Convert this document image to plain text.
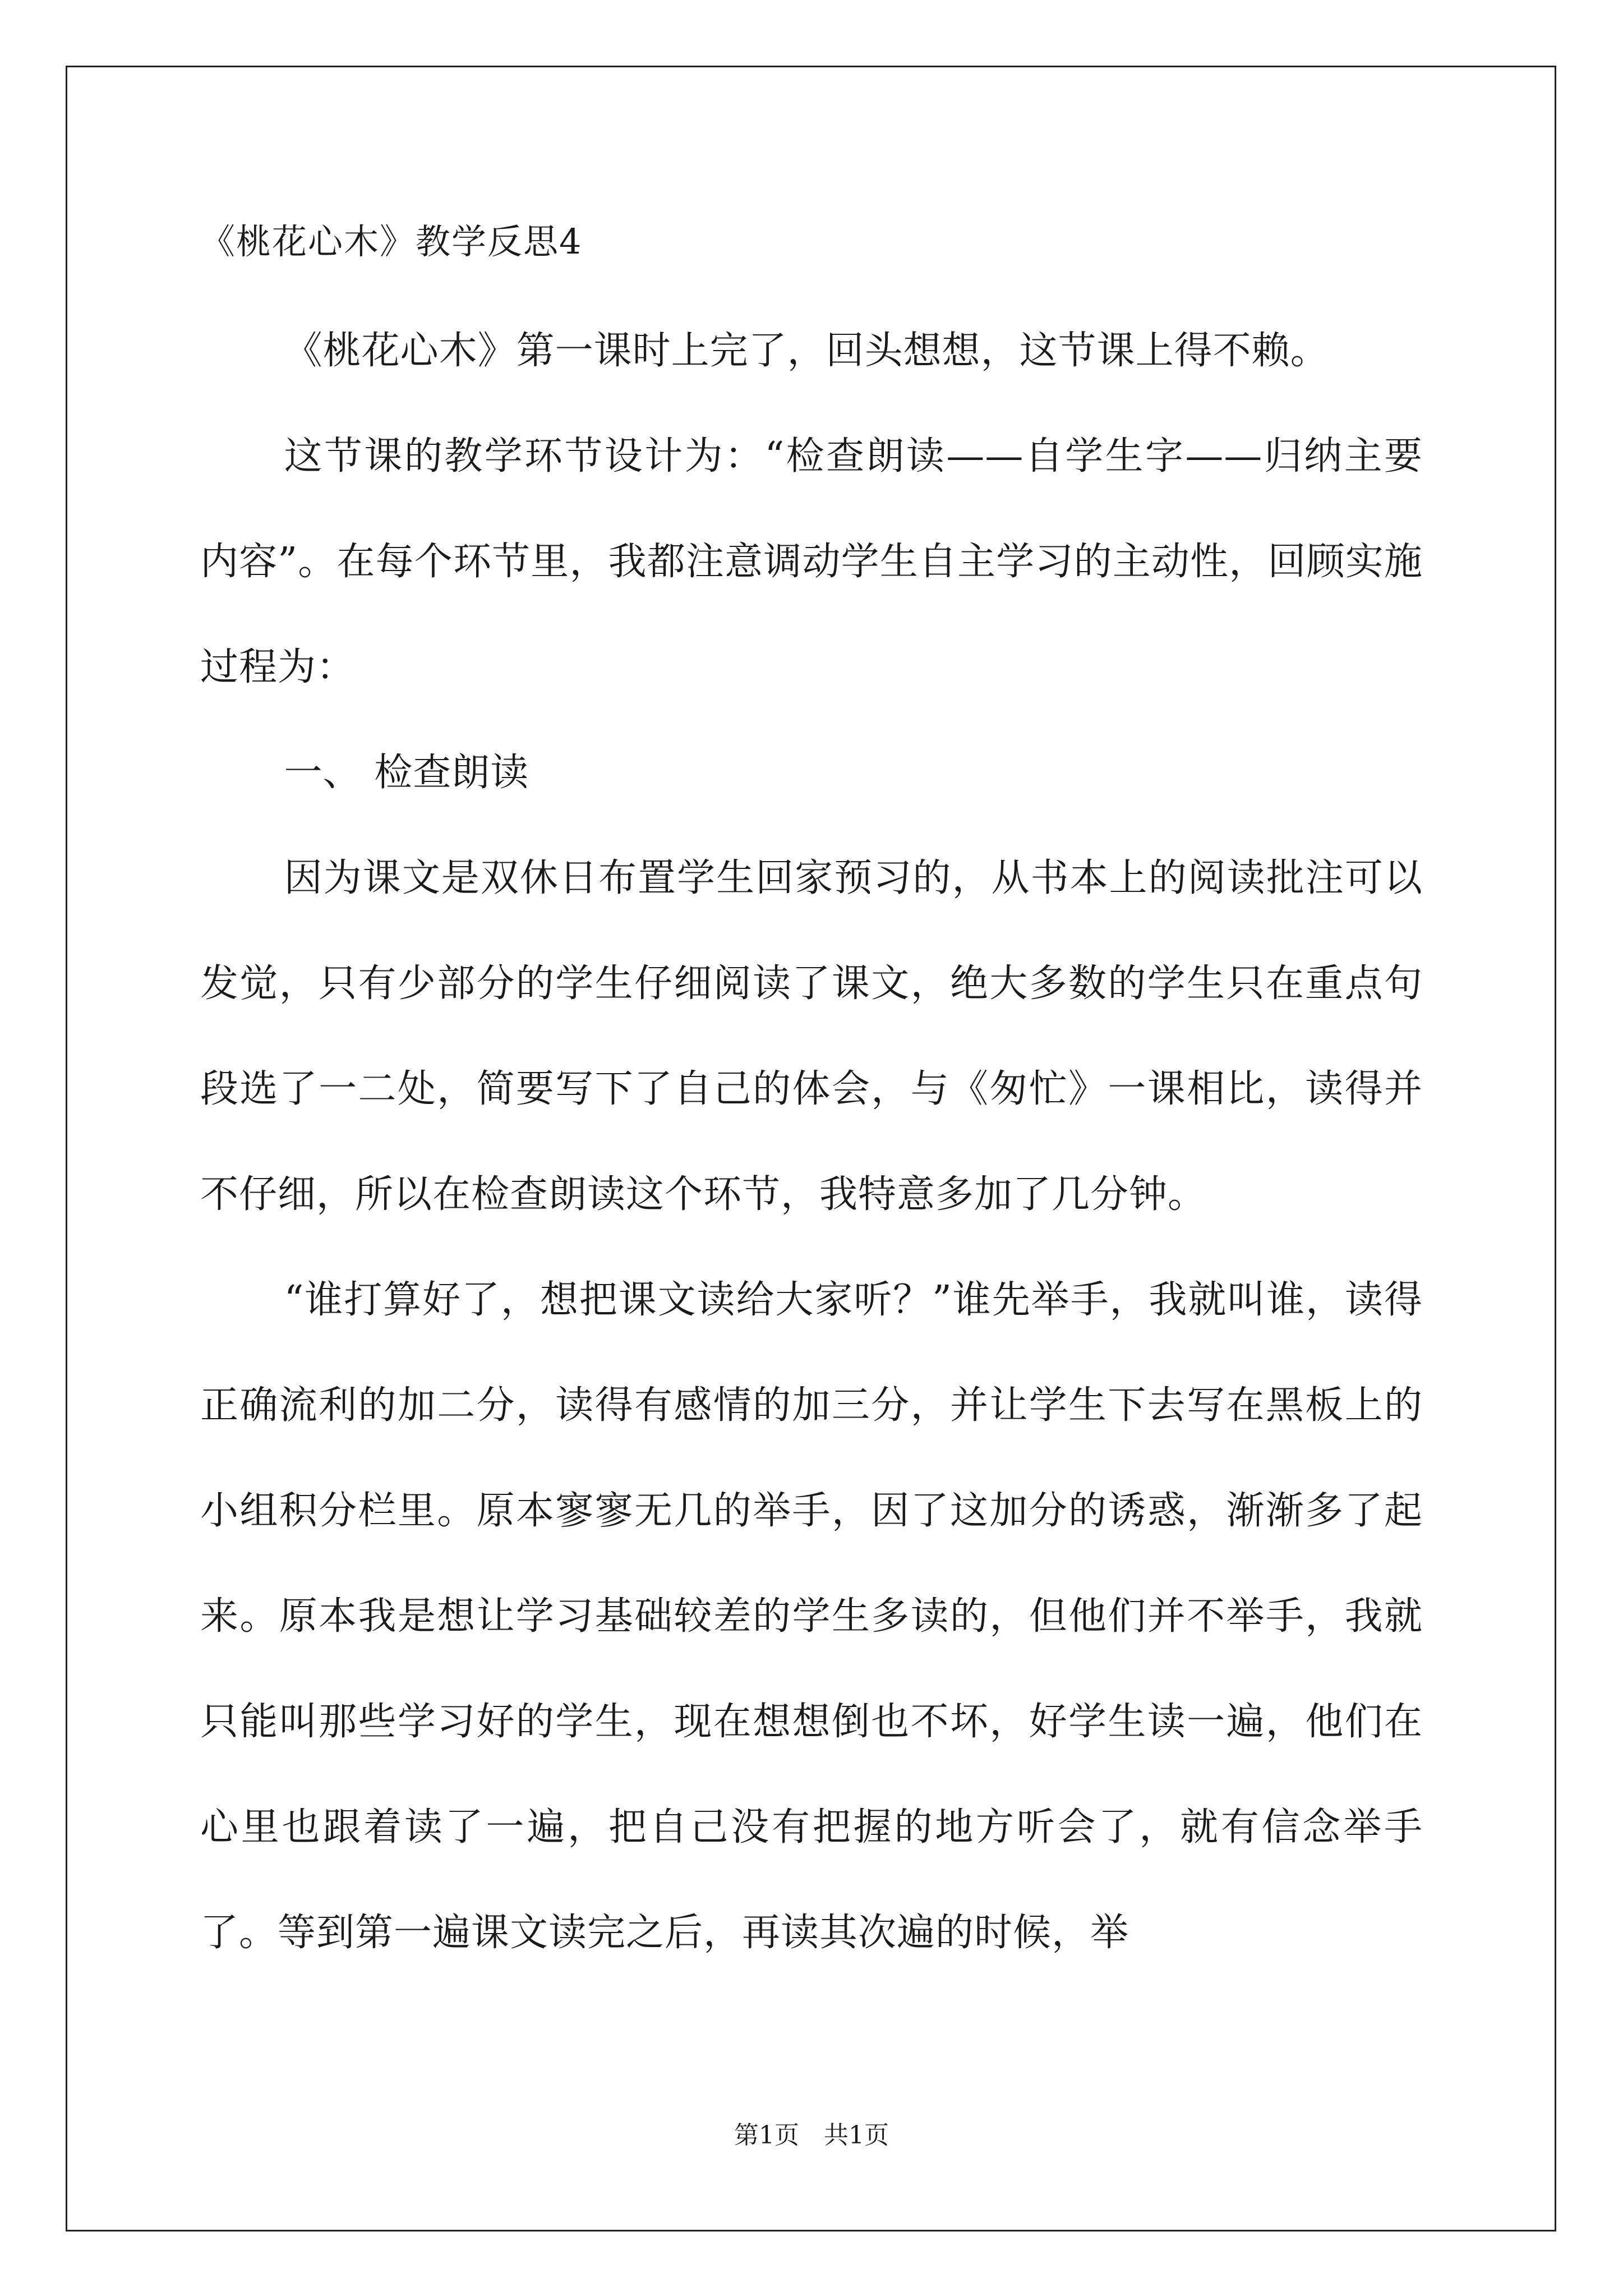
《桃花心木》教学反思4

《桃花心木》第一课时上完了，回头想想，这节课上得不赖。

这节课的教学环节设计为：“检查朗读——自学生字——归纳主要内容”。在每个环节里，我都注意调动学生自主学习的主动性，回顾实施过程为：

一、 检查朗读

因为课文是双休日布置学生回家预习的，从书本上的阅读批注可以发觉，只有少部分的学生仔细阅读了课文，绝大多数的学生只在重点句段选了一二处，简要写下了自己的体会，与《匆忙》一课相比，读得并不仔细，所以在检查朗读这个环节，我特意多加了几分钟。

“谁打算好了，想把课文读给大家听？”谁先举手，我就叫谁，读得正确流利的加二分，读得有感情的加三分，并让学生下去写在黑板上的小组积分栏里。原本寥寥无几的举手，因了这加分的诱惑，渐渐多了起来。原本我是想让学习基础较差的学生多读的，但他们并不举手，我就只能叫那些学习好的学生，现在想想倒也不坏，好学生读一遍，他们在心里也跟着读了一遍，把自己没有把握的地方听会了，就有信念举手了。等到第一遍课文读完之后，再读其次遍的时候，举

第1页　共1页
